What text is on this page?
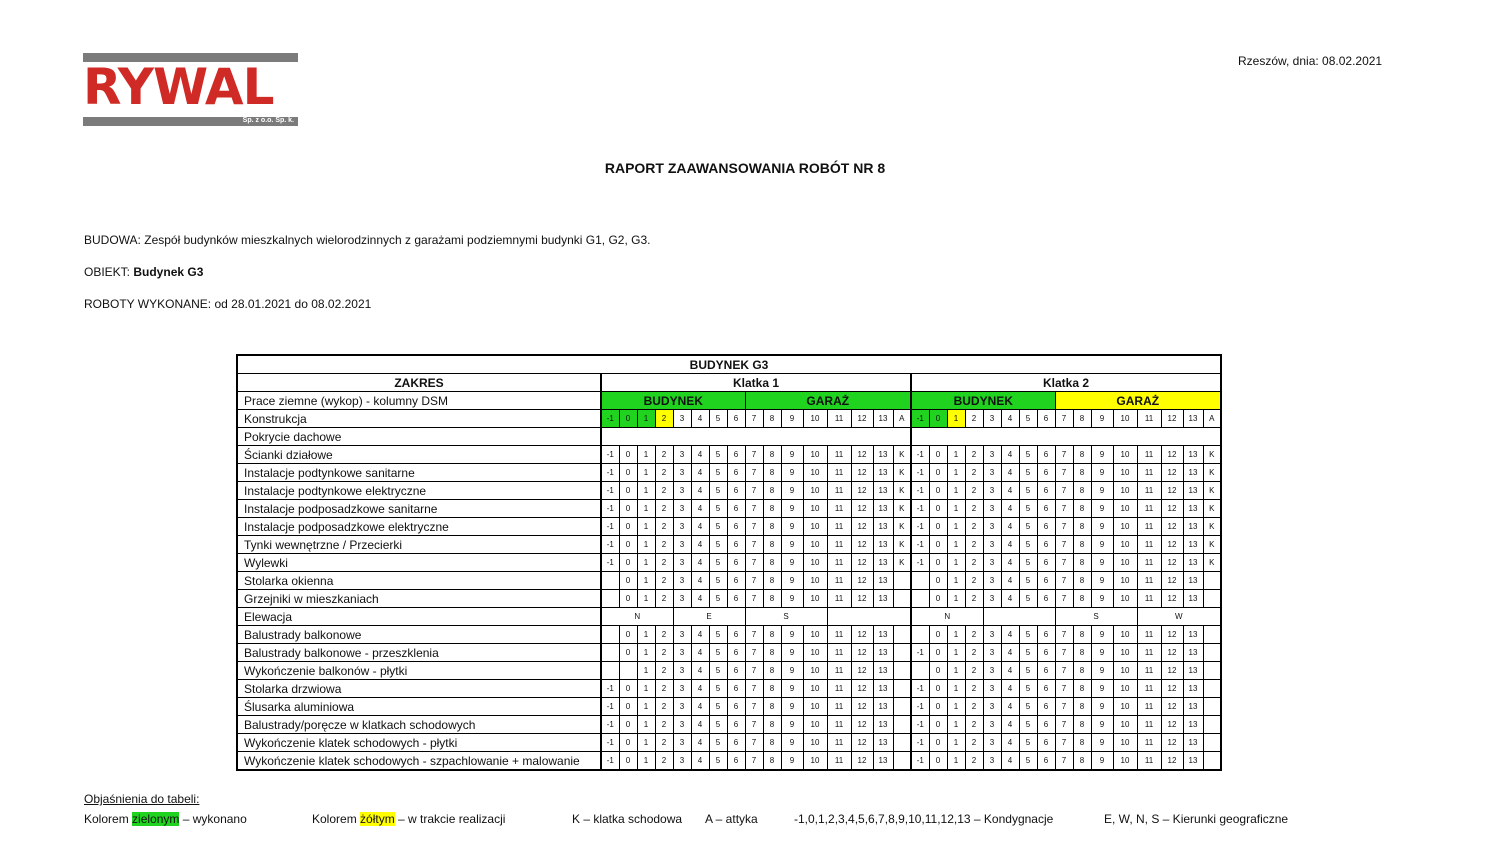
RYWAL
Sp. z o.o. Sp. k.
Rzeszów, dnia: 08.02.2021
RAPORT ZAAWANSOWANIA ROBÓT NR 8
BUDOWA: Zespół budynków mieszkalnych wielorodzinnych z garażami podziemnymi budynki G1, G2, G3.
OBIEKT: Budynek G3
ROBOTY WYKONANE: od 28.01.2021 do 08.02.2021
BUDYNEK G3																																
ZAKRES	Klatka 1																Klatka 2															
Prace ziemne (wykop) - kolumny DSM	BUDYNEK								GARAŻ								BUDYNEK								GARAŻ							
Konstrukcja	-1	0	1	2	3	4	5	6	7	8	9	10	11	12	13	A	-1	0	1	2	3	4	5	6	7	8	9	10	11	12	13	A
Pokrycie dachowe																																
Ścianki działowe	-1	0	1	2	3	4	5	6	7	8	9	10	11	12	13	K	-1	0	1	2	3	4	5	6	7	8	9	10	11	12	13	K
Instalacje podtynkowe sanitarne	-1	0	1	2	3	4	5	6	7	8	9	10	11	12	13	K	-1	0	1	2	3	4	5	6	7	8	9	10	11	12	13	K
Instalacje podtynkowe elektryczne	-1	0	1	2	3	4	5	6	7	8	9	10	11	12	13	K	-1	0	1	2	3	4	5	6	7	8	9	10	11	12	13	K
Instalacje podposadzkowe sanitarne	-1	0	1	2	3	4	5	6	7	8	9	10	11	12	13	K	-1	0	1	2	3	4	5	6	7	8	9	10	11	12	13	K
Instalacje podposadzkowe elektryczne	-1	0	1	2	3	4	5	6	7	8	9	10	11	12	13	K	-1	0	1	2	3	4	5	6	7	8	9	10	11	12	13	K
Tynki wewnętrzne / Przecierki	-1	0	1	2	3	4	5	6	7	8	9	10	11	12	13	K	-1	0	1	2	3	4	5	6	7	8	9	10	11	12	13	K
Wylewki	-1	0	1	2	3	4	5	6	7	8	9	10	11	12	13	K	-1	0	1	2	3	4	5	6	7	8	9	10	11	12	13	K
Stolarka okienna		0	1	2	3	4	5	6	7	8	9	10	11	12	13			0	1	2	3	4	5	6	7	8	9	10	11	12	13	
Grzejniki w mieszkaniach		0	1	2	3	4	5	6	7	8	9	10	11	12	13			0	1	2	3	4	5	6	7	8	9	10	11	12	13	
Elewacja	N				E				S								N								S				W			
Balustrady balkonowe		0	1	2	3	4	5	6	7	8	9	10	11	12	13			0	1	2	3	4	5	6	7	8	9	10	11	12	13	
Balustrady balkonowe - przeszklenia		0	1	2	3	4	5	6	7	8	9	10	11	12	13		-1	0	1	2	3	4	5	6	7	8	9	10	11	12	13	
Wykończenie balkonów - płytki			1	2	3	4	5	6	7	8	9	10	11	12	13			0	1	2	3	4	5	6	7	8	9	10	11	12	13	
Stolarka drzwiowa	-1	0	1	2	3	4	5	6	7	8	9	10	11	12	13		-1	0	1	2	3	4	5	6	7	8	9	10	11	12	13	
Ślusarka aluminiowa	-1	0	1	2	3	4	5	6	7	8	9	10	11	12	13		-1	0	1	2	3	4	5	6	7	8	9	10	11	12	13	
Balustrady/poręcze w klatkach schodowych	-1	0	1	2	3	4	5	6	7	8	9	10	11	12	13		-1	0	1	2	3	4	5	6	7	8	9	10	11	12	13	
Wykończenie klatek schodowych - płytki	-1	0	1	2	3	4	5	6	7	8	9	10	11	12	13		-1	0	1	2	3	4	5	6	7	8	9	10	11	12	13	
Wykończenie klatek schodowych - szpachlowanie + malowanie	-1	0	1	2	3	4	5	6	7	8	9	10	11	12	13		-1	0	1	2	3	4	5	6	7	8	9	10	11	12	13	
Objaśnienia do tabeli:
Kolorem zielonym – wykonano	Kolorem żółtym – w trakcie realizacji	K – klatka schodowa A – attyka	-1,0,1,2,3,4,5,6,7,8,9,10,11,12,13 – Kondygnacje	E, W, N, S – Kierunki geograficzne
